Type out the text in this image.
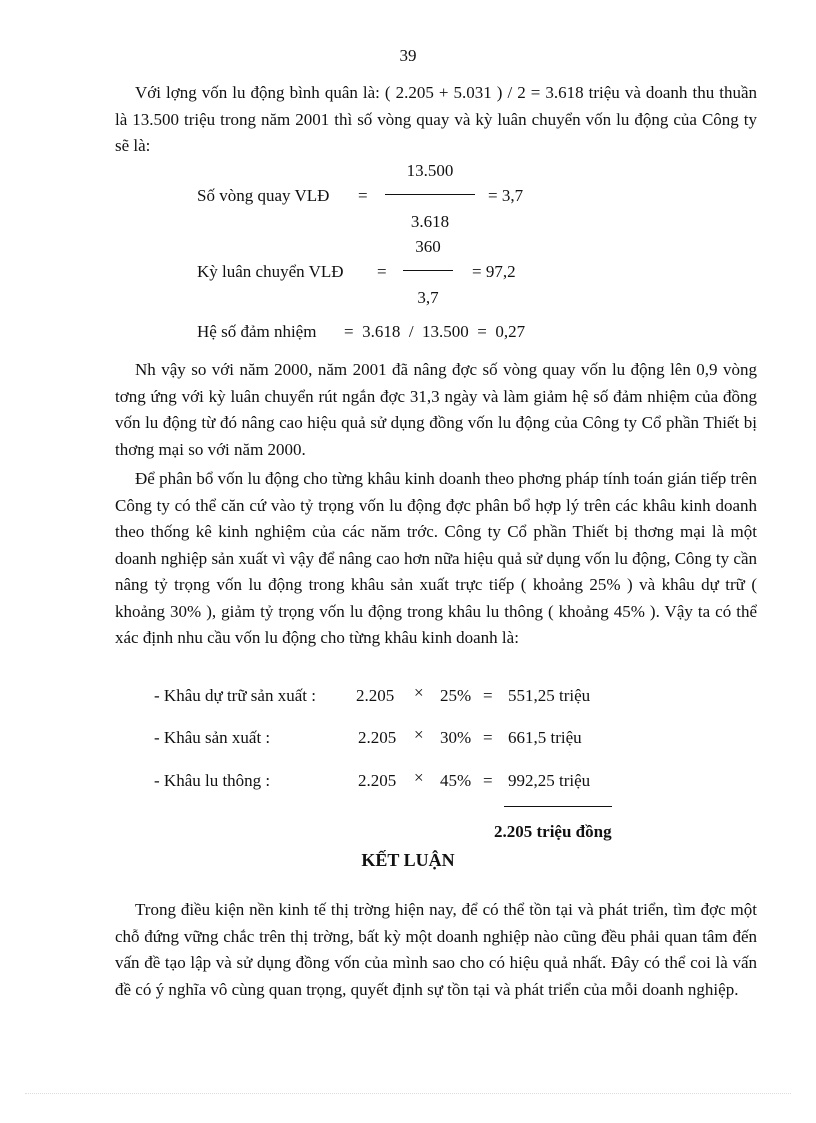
39
Với lợng vốn lu động bình quân là: ( 2.205 + 5.031 ) / 2 = 3.618 triệu và doanh thu thuần là 13.500 triệu trong năm 2001 thì số vòng quay và kỳ luân chuyển vốn lu động của Công ty sẽ là:
13.500
Số vòng quay VLĐ =	= 3,7
3.618
360
Kỳ luân chuyển VLĐ =	= 97,2
3,7
Hệ số đảm nhiệm =  3.618  /  13.500  =  0,27
Nh vậy so với năm 2000, năm 2001 đã nâng đợc số vòng quay vốn lu động lên 0,9 vòng tơng ứng với kỳ luân chuyển rút ngắn đợc 31,3 ngày và làm giảm hệ số đảm nhiệm của đồng vốn lu động từ đó nâng cao hiệu quả sử dụng đồng vốn lu động của Công ty Cổ phần Thiết bị thơng mại so với năm 2000.
Để phân bổ vốn lu động cho từng khâu kinh doanh theo phơng pháp tính toán gián tiếp trên Công ty có thể căn cứ vào tỷ trọng vốn lu động đợc phân bổ hợp lý trên các khâu kinh doanh theo thống kê kinh nghiệm của các năm trớc. Công ty Cổ phần Thiết bị thơng mại là một doanh nghiệp sản xuất vì vậy để nâng cao hơn nữa hiệu quả sử dụng vốn lu động, Công ty cần nâng tỷ trọng vốn lu động trong khâu sản xuất trực tiếp ( khoảng 25% ) và khâu dự trữ ( khoảng 30% ), giảm tỷ trọng vốn lu động trong khâu lu thông ( khoảng 45% ). Vậy ta có thể xác định nhu cầu vốn lu động cho từng khâu kinh doanh là:
- Khâu dự trữ sản xuất : 2.205 × 25% = 551,25 triệu
- Khâu sản xuất :	2.205 × 30% = 661,5 triệu
- Khâu lu thông :	2.205 × 45% = 992,25 triệu
2.205 triệu đồng
KẾT LUẬN
Trong điều kiện nền kinh tế thị trờng hiện nay, để có thể tồn tại và phát triển, tìm đợc một chỗ đứng vững chắc trên thị trờng, bất kỳ một doanh nghiệp nào cũng đều phải quan tâm đến vấn đề tạo lập và sử dụng đồng vốn của mình sao cho có hiệu quả nhất. Đây có thể coi là vấn đề có ý nghĩa vô cùng quan trọng, quyết định sự tồn tại và phát triển của mỗi doanh nghiệp.
